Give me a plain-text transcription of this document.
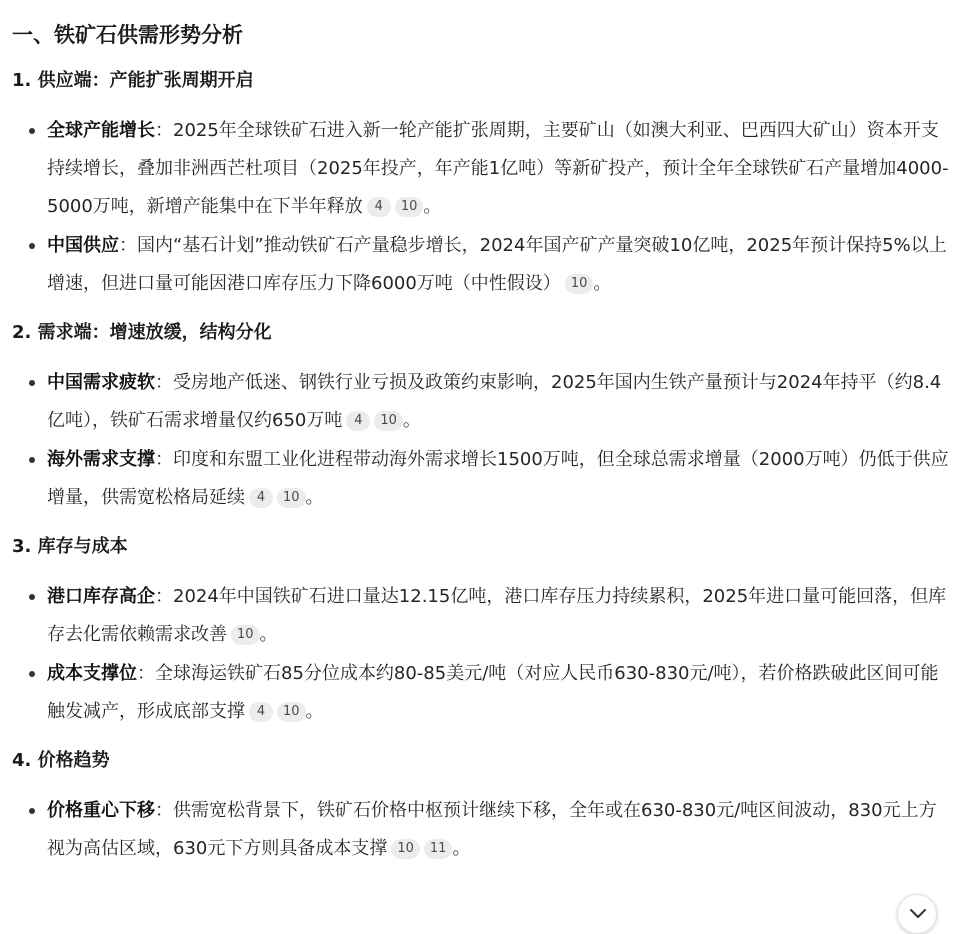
一、铁矿石供需形势分析
1. 供应端：产能扩张周期开启
全球产能增长：2025年全球铁矿石进入新一轮产能扩张周期，主要矿山（如澳大利亚、巴西四大矿山）资本开支持续增长，叠加非洲西芒杜项目（2025年投产，年产能1亿吨）等新矿投产，预计全年全球铁矿石产量增加4000-5000万吨，新增产能集中在下半年释放 4 10 。
中国供应：国内“基石计划”推动铁矿石产量稳步增长，2024年国产矿产量突破10亿吨，2025年预计保持5%以上增速，但进口量可能因港口库存压力下降6000万吨（中性假设） 10 。
2. 需求端：增速放缓，结构分化
中国需求疲软：受房地产低迷、钢铁行业亏损及政策约束影响，2025年国内生铁产量预计与2024年持平（约8.4亿吨），铁矿石需求增量仅约650万吨 4 10 。
海外需求支撑：印度和东盟工业化进程带动海外需求增长1500万吨，但全球总需求增量（2000万吨）仍低于供应增量，供需宽松格局延续 4 10 。
3. 库存与成本
港口库存高企：2024年中国铁矿石进口量达12.15亿吨，港口库存压力持续累积，2025年进口量可能回落，但库存去化需依赖需求改善 10 。
成本支撑位：全球海运铁矿石85分位成本约80-85美元/吨（对应人民币630-830元/吨），若价格跌破此区间可能触发减产，形成底部支撑 4 10 。
4. 价格趋势
价格重心下移：供需宽松背景下，铁矿石价格中枢预计继续下移，全年或在630-830元/吨区间波动，830元上方视为高估区域，630元下方则具备成本支撑 10 11 。
